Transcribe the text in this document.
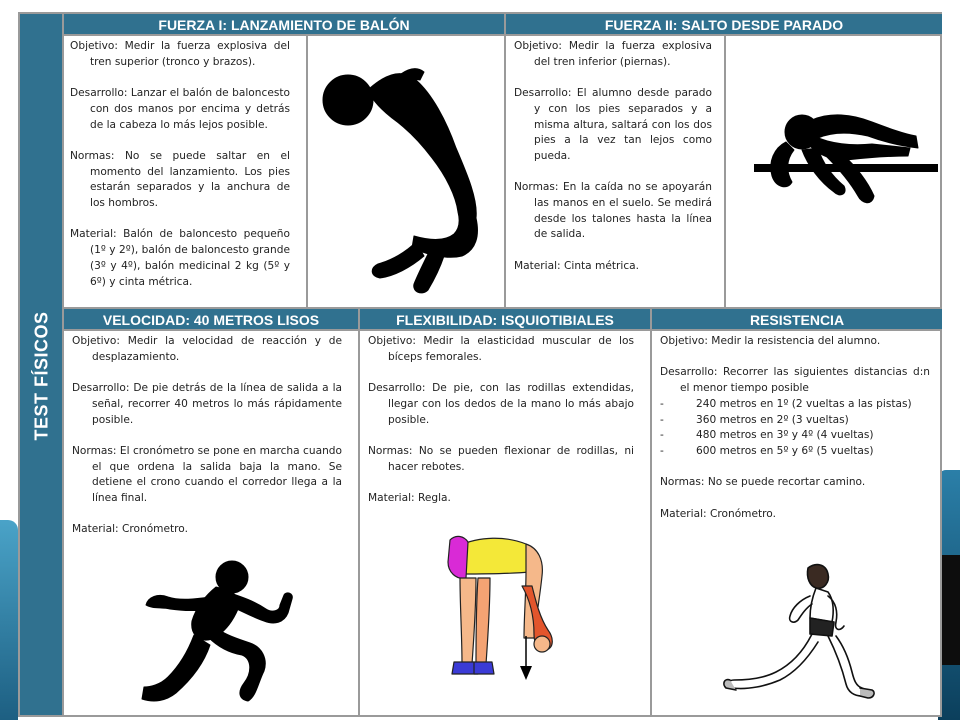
TEST FÍSICOS
FUERZA I: LANZAMIENTO DE BALÓN

Objetivo: Medir la fuerza explosiva del tren superior (tronco y brazos).

Desarrollo: Lanzar el balón de baloncesto con dos manos por encima y detrás de la cabeza lo más lejos posible.

Normas: No se puede saltar en el momento del lanzamiento. Los pies estarán separados y la anchura de los hombros.

Material: Balón de baloncesto pequeño (1º y 2º), balón de baloncesto grande (3º y 4º), balón medicinal 2 kg (5º y 6º) y cinta métrica.

FUERZA II: SALTO DESDE PARADO

Objetivo: Medir la fuerza explosiva del tren inferior (piernas).

Desarrollo: El alumno desde parado y con los pies separados y a misma altura, saltará con los dos pies a la vez tan lejos como pueda.

Normas: En la caída no se apoyarán las manos en el suelo. Se medirá desde los talones hasta la línea de salida.

Material: Cinta métrica.

VELOCIDAD: 40 METROS LISOS

Objetivo: Medir la velocidad de reacción y de desplazamiento.

Desarrollo: De pie detrás de la línea de salida a la señal, recorrer 40 metros lo más rápidamente posible.

Normas: El cronómetro se pone en marcha cuando el que ordena la salida baja la mano. Se detiene el crono cuando el corredor llega a la línea final.

Material: Cronómetro.

FLEXIBILIDAD: ISQUIOTIBIALES

Objetivo: Medir la elasticidad muscular de los bíceps femorales.

Desarrollo: De pie, con las rodillas extendidas, llegar con los dedos de la mano lo más abajo posible.

Normas: No se pueden flexionar de rodillas, ni hacer rebotes.

Material: Regla.

RESISTENCIA

Objetivo: Medir la resistencia del alumno.

Desarrollo: Recorrer las siguientes distancias d:n el menor tiempo posible

-	240 metros en 1º (2 vueltas a las pistas)

-	360 metros en 2º (3 vueltas)

-	480 metros en 3º y 4º (4 vueltas)

-	600 metros en 5º y 6º (5 vueltas)

Normas: No se puede recortar camino.

Material: Cronómetro.
